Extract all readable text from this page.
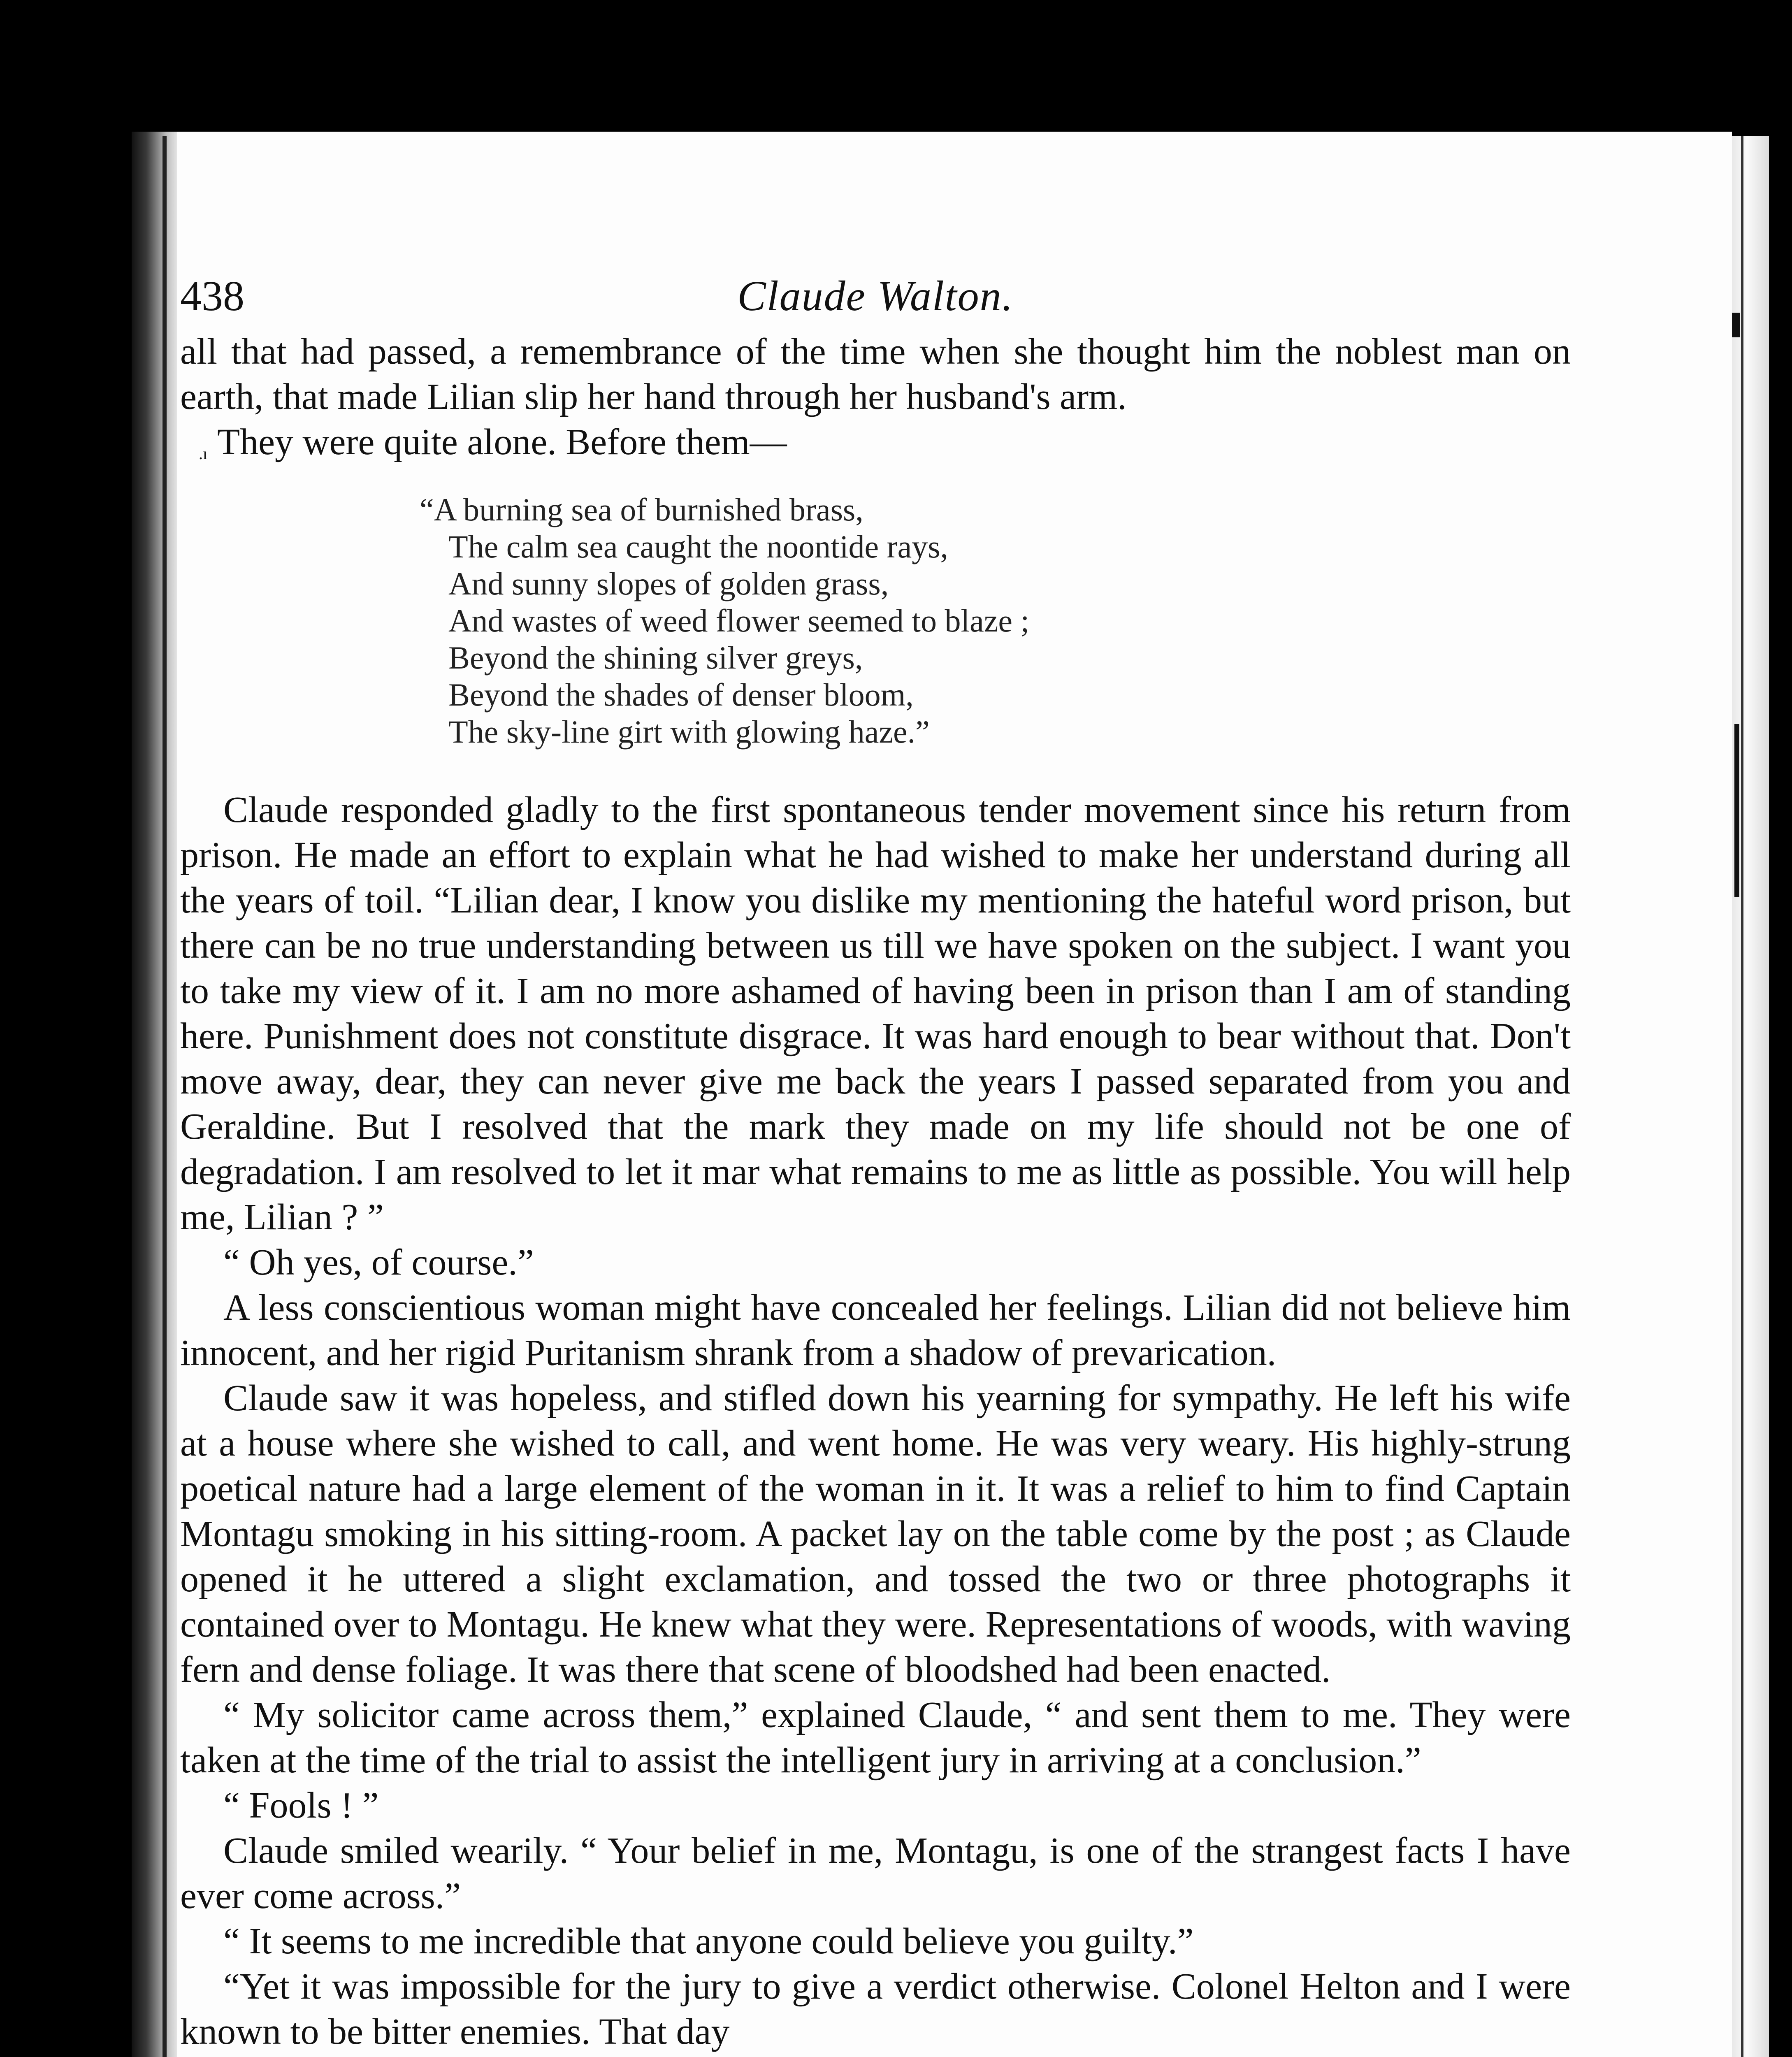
438	Claude Walton.

all that had passed, a remembrance of the time when she thought him the noblest man on earth, that made Lilian slip her hand through her husband's arm.

.ı They were quite alone. Before them—

“A burning sea of burnished brass,
The calm sea caught the noontide rays,
And sunny slopes of golden grass,
And wastes of weed flower seemed to blaze ;
Beyond the shining silver greys,
Beyond the shades of denser bloom,
The sky-line girt with glowing haze.”

Claude responded gladly to the first spontaneous tender movement since his return from prison. He made an effort to explain what he had wished to make her understand during all the years of toil. “Lilian dear, I know you dislike my mentioning the hateful word prison, but there can be no true understanding between us till we have spoken on the subject. I want you to take my view of it. I am no more ashamed of having been in prison than I am of standing here. Punishment does not constitute disgrace. It was hard enough to bear without that. Don't move away, dear, they can never give me back the years I passed separated from you and Geraldine. But I resolved that the mark they made on my life should not be one of degradation. I am resolved to let it mar what remains to me as little as possible. You will help me, Lilian ? ”

“ Oh yes, of course.”

A less conscientious woman might have concealed her feelings. Lilian did not believe him innocent, and her rigid Puritanism shrank from a shadow of prevarication.

Claude saw it was hopeless, and stifled down his yearning for sympathy. He left his wife at a house where she wished to call, and went home. He was very weary. His highly-strung poetical nature had a large element of the woman in it. It was a relief to him to find Captain Montagu smoking in his sitting-room. A packet lay on the table come by the post ; as Claude opened it he uttered a slight exclamation, and tossed the two or three photographs it contained over to Montagu. He knew what they were. Representations of woods, with waving fern and dense foliage. It was there that scene of bloodshed had been enacted.

“ My solicitor came across them,” explained Claude, “ and sent them to me. They were taken at the time of the trial to assist the intelligent jury in arriving at a conclusion.”

“ Fools ! ”

Claude smiled wearily. “ Your belief in me, Montagu, is one of the strangest facts I have ever come across.”

“ It seems to me incredible that anyone could believe you guilty.”

“Yet it was impossible for the jury to give a verdict otherwise. Colonel Helton and I were known to be bitter enemies. That day
